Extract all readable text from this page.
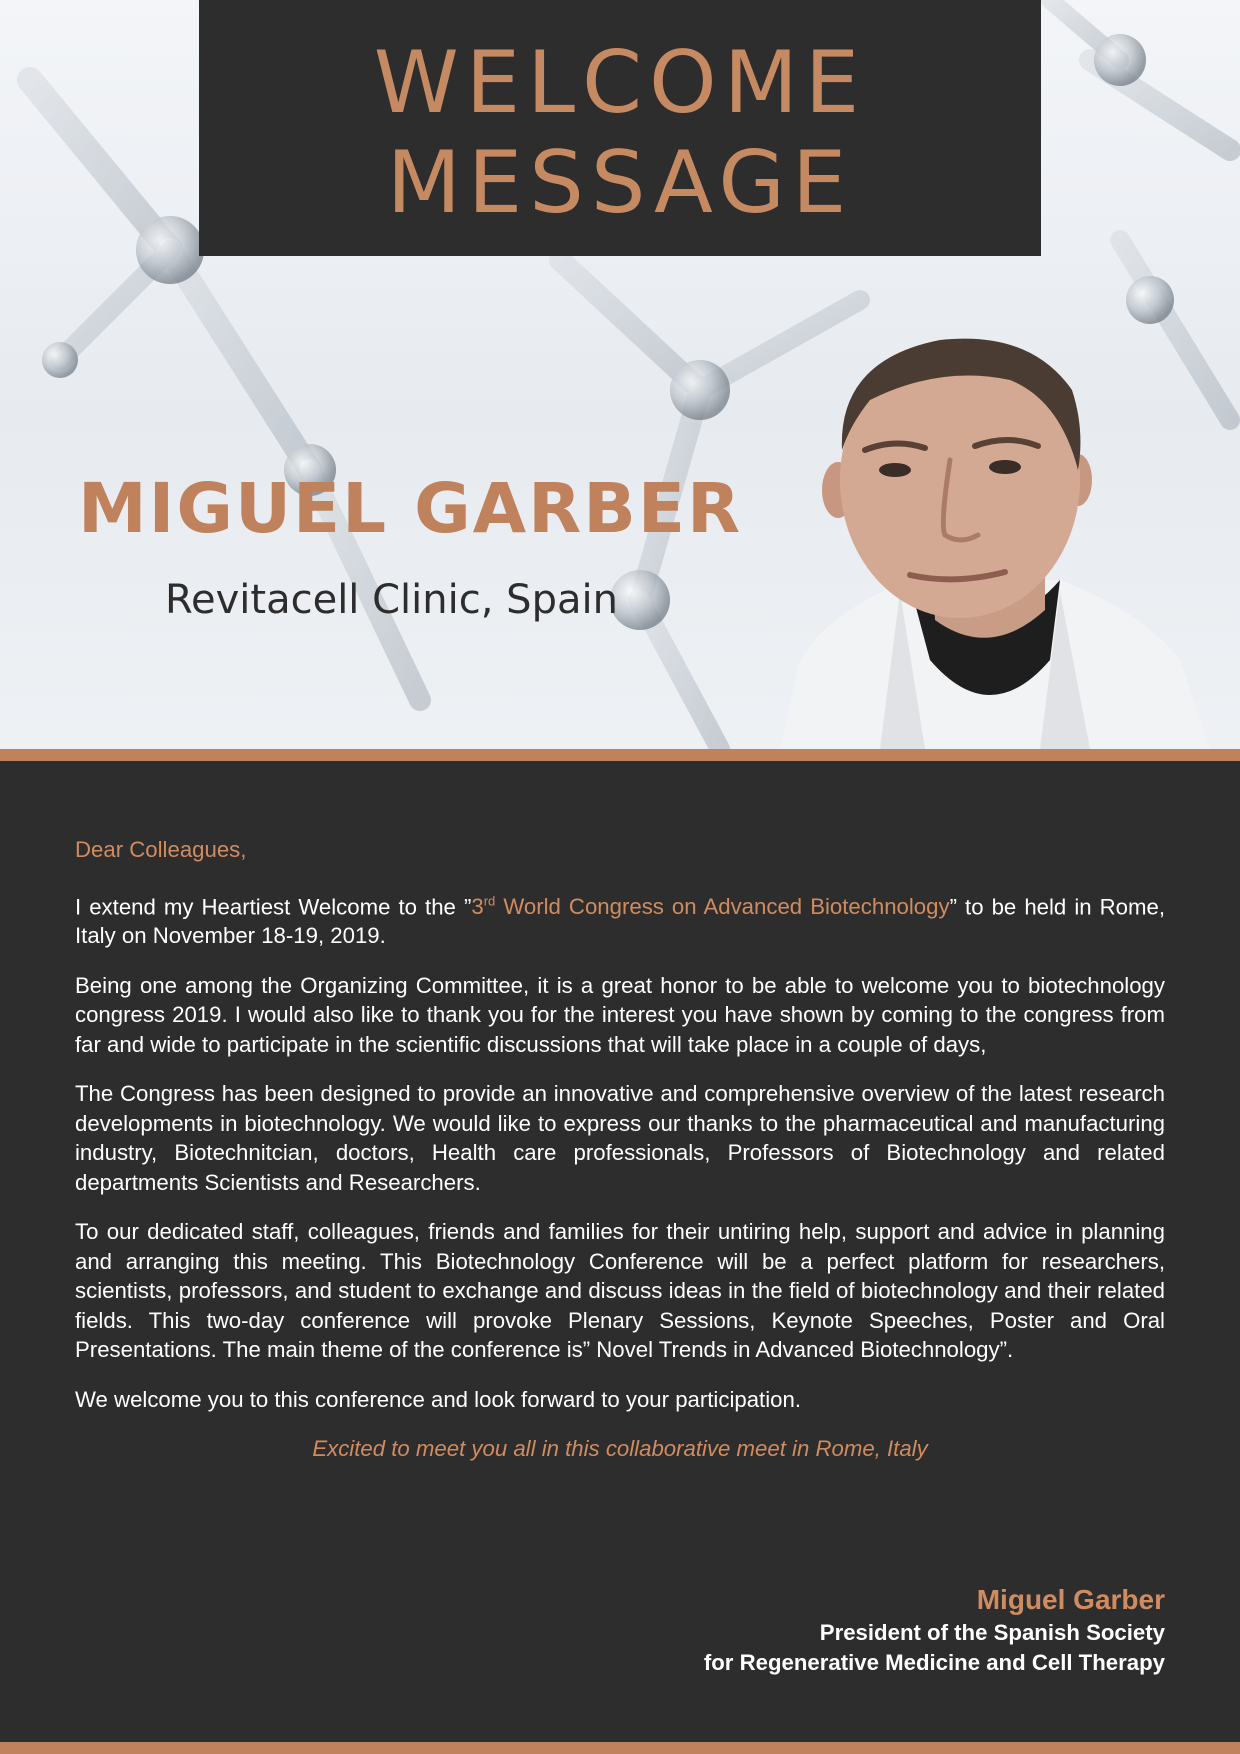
WELCOME
MESSAGE
MIGUEL GARBER
Revitacell Clinic, Spain

Dear Colleagues,

I extend my Heartiest Welcome to the ”3rd World Congress on Advanced Biotechnology” to be held in Rome, Italy on November 18-19, 2019.

Being one among the Organizing Committee, it is a great honor to be able to welcome you to biotechnology congress 2019. I would also like to thank you for the interest you have shown by coming to the congress from far and wide to participate in the scientific discussions that will take place in a couple of days,

The Congress has been designed to provide an innovative and comprehensive overview of the latest research developments in biotechnology. We would like to express our thanks to the pharmaceutical and manufacturing industry, Biotechnitcian, doctors, Health care professionals, Professors of Biotechnology and related departments Scientists and Researchers.

To our dedicated staff, colleagues, friends and families for their untiring help, support and advice in planning and arranging this meeting. This Biotechnology Conference will be a perfect platform for researchers, scientists, professors, and student to exchange and discuss ideas in the field of biotechnology and their related fields. This two-day conference will provoke Plenary Sessions, Keynote Speeches, Poster and Oral Presentations. The main theme of the conference is” Novel Trends in Advanced Biotechnology”.

We welcome you to this conference and look forward to your participation.

Excited to meet you all in this collaborative meet in Rome, Italy

Miguel Garber
President of the Spanish Society
for Regenerative Medicine and Cell Therapy
